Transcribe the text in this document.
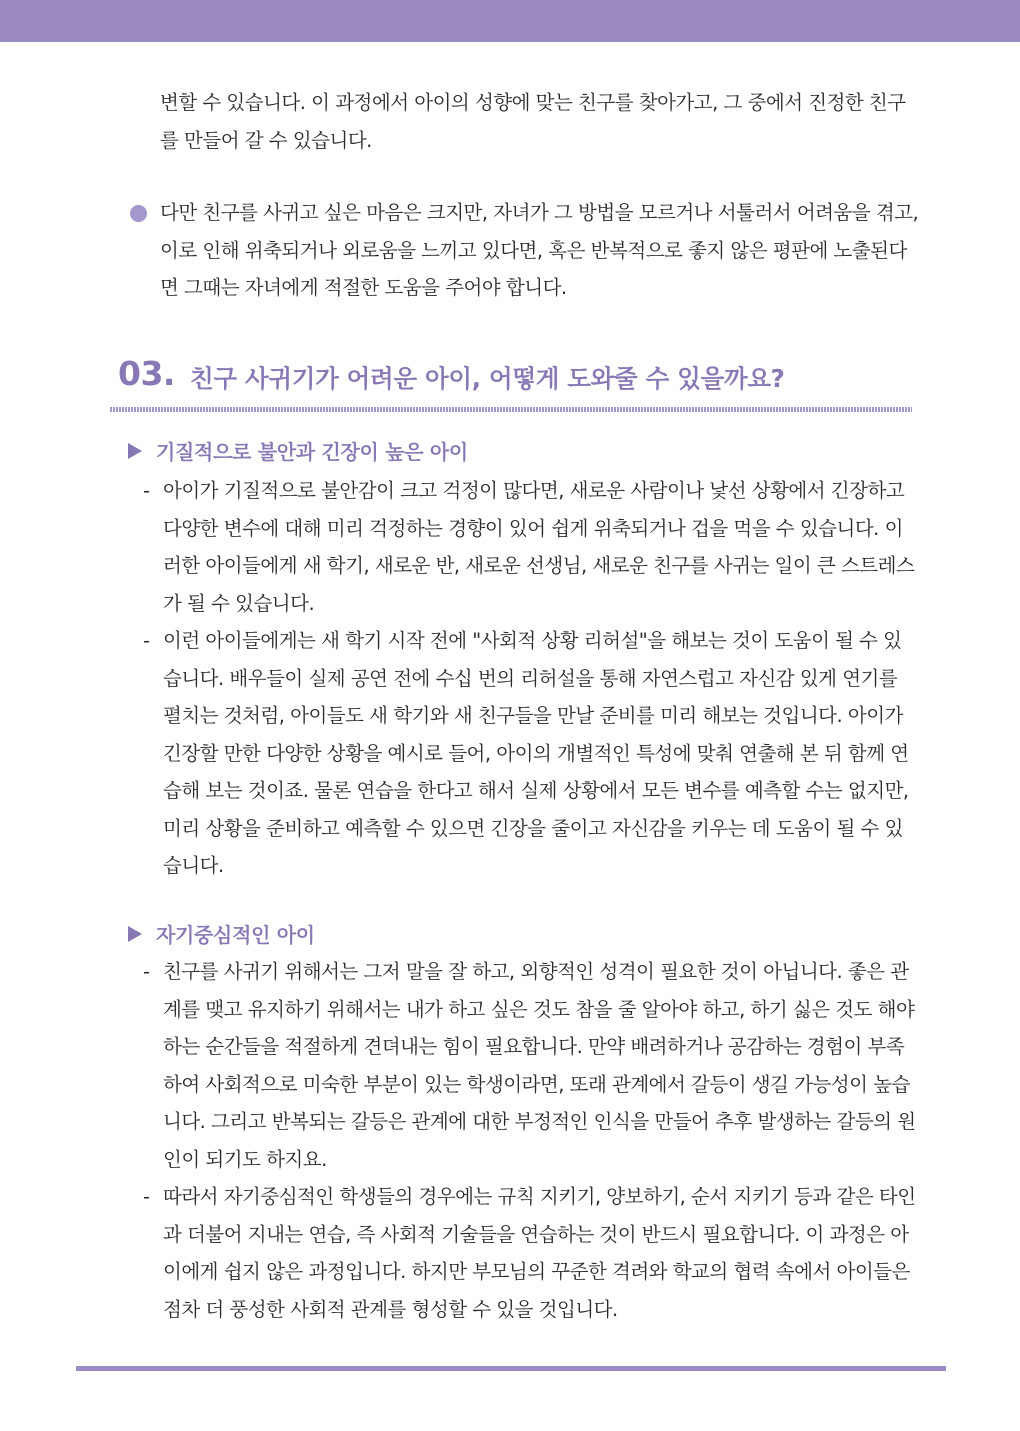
변할 수 있습니다. 이 과정에서 아이의 성향에 맞는 친구를 찾아가고, 그 중에서 진정한 친구를 만들어 갈 수 있습니다.

다만 친구를 사귀고 싶은 마음은 크지만, 자녀가 그 방법을 모르거나 서툴러서 어려움을 겪고, 이로 인해 위축되거나 외로움을 느끼고 있다면, 혹은 반복적으로 좋지 않은 평판에 노출된다면 그때는 자녀에게 적절한 도움을 주어야 합니다.

03. 친구 사귀기가 어려운 아이, 어떻게 도와줄 수 있을까요?
기질적으로 불안과 긴장이 높은 아이
- 아이가 기질적으로 불안감이 크고 걱정이 많다면, 새로운 사람이나 낯선 상황에서 긴장하고 다양한 변수에 대해 미리 걱정하는 경향이 있어 쉽게 위축되거나 겁을 먹을 수 있습니다. 이러한 아이들에게 새 학기, 새로운 반, 새로운 선생님, 새로운 친구를 사귀는 일이 큰 스트레스가 될 수 있습니다.

- 이런 아이들에게는 새 학기 시작 전에 "사회적 상황 리허설"을 해보는 것이 도움이 될 수 있습니다. 배우들이 실제 공연 전에 수십 번의 리허설을 통해 자연스럽고 자신감 있게 연기를 펼치는 것처럼, 아이들도 새 학기와 새 친구들을 만날 준비를 미리 해보는 것입니다. 아이가 긴장할 만한 다양한 상황을 예시로 들어, 아이의 개별적인 특성에 맞춰 연출해 본 뒤 함께 연습해 보는 것이죠. 물론 연습을 한다고 해서 실제 상황에서 모든 변수를 예측할 수는 없지만, 미리 상황을 준비하고 예측할 수 있으면 긴장을 줄이고 자신감을 키우는 데 도움이 될 수 있습니다.

자기중심적인 아이
- 친구를 사귀기 위해서는 그저 말을 잘 하고, 외향적인 성격이 필요한 것이 아닙니다. 좋은 관계를 맺고 유지하기 위해서는 내가 하고 싶은 것도 참을 줄 알아야 하고, 하기 싫은 것도 해야 하는 순간들을 적절하게 견뎌내는 힘이 필요합니다. 만약 배려하거나 공감하는 경험이 부족하여 사회적으로 미숙한 부분이 있는 학생이라면, 또래 관계에서 갈등이 생길 가능성이 높습니다. 그리고 반복되는 갈등은 관계에 대한 부정적인 인식을 만들어 추후 발생하는 갈등의 원인이 되기도 하지요.

- 따라서 자기중심적인 학생들의 경우에는 규칙 지키기, 양보하기, 순서 지키기 등과 같은 타인과 더불어 지내는 연습, 즉 사회적 기술들을 연습하는 것이 반드시 필요합니다. 이 과정은 아이에게 쉽지 않은 과정입니다. 하지만 부모님의 꾸준한 격려와 학교의 협력 속에서 아이들은 점차 더 풍성한 사회적 관계를 형성할 수 있을 것입니다.
